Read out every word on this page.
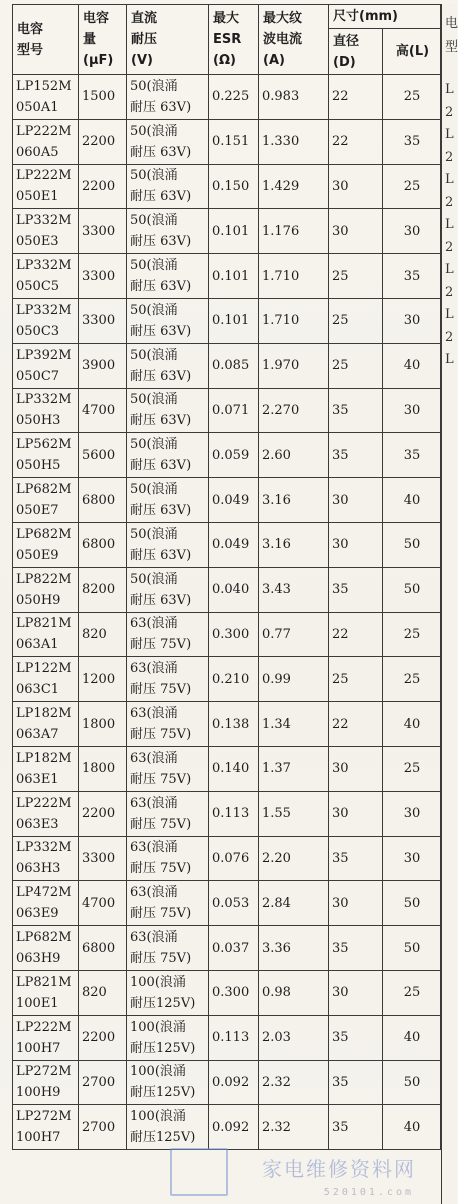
电容
型号	电容
量
(μF)	直流
耐压
(V)	最大
ESR
(Ω)	最大纹
波电流
(A)	尺寸(mm)	

					直径
(D)	高(L)

LP152M
050A1	1500	50(浪涌
耐压 63V)	0.225	0.983	22	25

LP222M
060A5	2200	50(浪涌
耐压 63V)	0.151	1.330	22	35

LP222M
050E1	2200	50(浪涌
耐压 63V)	0.150	1.429	30	25

LP332M
050E3	3300	50(浪涌
耐压 63V)	0.101	1.176	30	30

LP332M
050C5	3300	50(浪涌
耐压 63V)	0.101	1.710	25	35

LP332M
050C3	3300	50(浪涌
耐压 63V)	0.101	1.710	25	30

LP392M
050C7	3900	50(浪涌
耐压 63V)	0.085	1.970	25	40

LP332M
050H3	4700	50(浪涌
耐压 63V)	0.071	2.270	35	30

LP562M
050H5	5600	50(浪涌
耐压 63V)	0.059	2.60	35	35

LP682M
050E7	6800	50(浪涌
耐压 63V)	0.049	3.16	30	40

LP682M
050E9	6800	50(浪涌
耐压 63V)	0.049	3.16	30	50

LP822M
050H9	8200	50(浪涌
耐压 63V)	0.040	3.43	35	50

LP821M
063A1	820	63(浪涌
耐压 75V)	0.300	0.77	22	25

LP122M
063C1	1200	63(浪涌
耐压 75V)	0.210	0.99	25	25

LP182M
063A7	1800	63(浪涌
耐压 75V)	0.138	1.34	22	40

LP182M
063E1	1800	63(浪涌
耐压 75V)	0.140	1.37	30	25

LP222M
063E3	2200	63(浪涌
耐压 75V)	0.113	1.55	30	30

LP332M
063H3	3300	63(浪涌
耐压 75V)	0.076	2.20	35	30

LP472M
063E9	4700	63(浪涌
耐压 75V)	0.053	2.84	30	50

LP682M
063H9	6800	63(浪涌
耐压 75V)	0.037	3.36	35	50

LP821M
100E1	820	100(浪涌
耐压125V)	0.300	0.98	30	25

LP222M
100H7	2200	100(浪涌
耐压125V)	0.113	2.03	35	40

LP272M
100H9	2700	100(浪涌
耐压125V)	0.092	2.32	35	50

LP272M
100H7	2700	100(浪涌
耐压125V)	0.092	2.32	35	40
电
型
L
2
L
2
L
2
L
2
L
2
L
2
L
家电维修资料网
520101.com
